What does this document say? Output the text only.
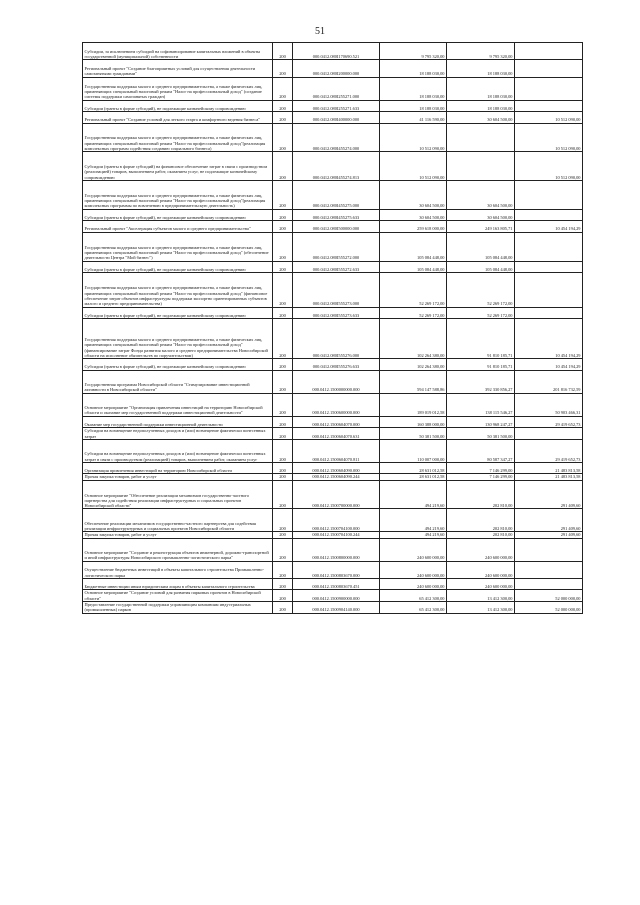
51
Субсидии, за исключением субсидий на софинансирование капитальных вложений в объекты государственной (муниципальной) собственности	200	000.0412.080I170690.521	9 795 320,00	9 795 320,00	
Региональный проект "Создание благоприятных условий для осуществления деятельности самозанятыми гражданами"	200	000.0412.080I200000.000	18 188 030,00	18 188 030,00	
Государственная поддержка малого и среднего предпринимательства, а также физических лиц, применяющих специальный налоговый режим "Налог на профессиональный доход" (создание системы поддержки самозанятых граждан)	200	000.0412.080I255271.000	18 188 030,00	18 188 030,00	
Субсидии (гранты в форме субсидий), не подлежащие казначейскому сопровождению	200	000.0412.080I255271.633	18 188 030,00	18 188 030,00	
Региональный проект "Создание условий для легкого старта и комфортного ведения бизнеса"	200	000.0412.080I400000.000	41 116 590,00	30 604 500,00	10 512 090,00
Государственная поддержка малого и среднего предпринимательства, а также физических лиц, применяющих специальный налоговый режим "Налог на профессиональный доход"(реализация комплексных программ cодействия созданию социального бизнеса)	200	000.0412.080I455274.000	10 512 090,00		10 512 090,00
Субсидии (гранты в форме субсидий) на финансовое обеспечение затрат в связи с производством (реализацией) товаров, выполнением работ, оказанием услуг, не подлежащие казначейскому сопровождению	200	000.0412.080I455274.813	10 512 090,00		10 512 090,00
Государственная поддержка малого и среднего предпринимательства, а также физических лиц, применяющих специальный налоговый режим "Налог на профессиональный доход"(реализация комплексных программы по вовлечению в предпринимательскую деятельность)	200	000.0412.080I455275.000	30 604 500,00	30 604 500,00	
Субсидии (гранты в форме субсидий), не подлежащие казначейскому сопровождению	200	000.0412.080I455275.633	30 604 500,00	30 604 500,00	
Региональный проект "Акселерация субъектов малого и среднего предпринимательства"	200	000.0412.080I500000.000	259 618 000,00	249 163 805,71	10 454 194,29
Государственная поддержка малого и среднего предпринимательства, а также физических лиц, применяющих специальный налоговый режим "Налог на профессиональный доход" (обеспечение деятельности Центра "Мой бизнес")	200	000.0412.080I555272.000	105 084 448,00	105 084 448,00	
Субсидии (гранты в форме субсидий), не подлежащие казначейскому сопровождению	200	000.0412.080I555272.633	105 084 448,00	105 084 448,00	
Государственная поддержка малого и среднего предпринимательства, а также физических лиц, применяющих специальный налоговый режим "Налог на профессиональный доход" (финансовое обеспечение затрат объектов инфраструктуры поддержки экспортно ориентированных субъектов малого и среднего предпринимательства)	200	000.0412.080I555273.000	52 269 172,00	52 269 172,00	
Субсидии (гранты в форме субсидий), не подлежащие казначейскому сопровождению	200	000.0412.080I555273.633	52 269 172,00	52 269 172,00	
Государственная поддержка малого и среднего предпринимательства, а также физических лиц, применяющих специальный налоговый режим "Налог на профессиональный доход" (финансирование затрат Фонда развития малого и среднего предпринимательства Новосибирской области на исполнение обязательств по поручительствам)	200	000.0412.080I555276.000	102 264 380,00	91 810 185,71	10 454 194,29
Субсидии (гранты в форме субсидий), не подлежащие казначейскому сопровождению	200	000.0412.080I555276.633	102 264 380,00	91 810 185,71	10 454 194,29
Государственная программа Новосибирской области "Стимулирование инвестиционной активности в Новосибирской области"	200	000.0412.1500000000.000	594 147 588,86	392 330 856,27	201 816 732,59
Основное мероприятие "Организация привлечения инвестиций на территорию Новосибирской области и оказание мер государственной поддержки инвестиционной деятельности"	200	000.0412.1500600000.000	189 019 012,58	138 115 546,27	50 903 466,31
Оказание мер государственной поддержки инвестиционной деятельности	200	000.0412.1500604070.000	160 388 000,00	130 968 247,27	29 419 652,73
Субсидии на возмещение недополученных доходов и (или) возмещение фактически понесенных затрат	200	000.0412.1500604070.631	50 381 500,00	50 381 500,00	
Субсидии на возмещение недополученных доходов и (или) возмещение фактически понесенных затрат в связи с производством (реализацией) товаров, выполнением работ, оказанием услуг	200	000.0412.1500604070.811	110 007 000,00	80 587 347,27	29 419 652,73
Организация привлечения инвестиций на территорию Новосибирской области	200	000.0412.1500604090.000	28 631 012,58	7 146 299,00	21 483 813,58
Прочая закупка товаров, работ и услуг	200	000.0412.1500604090.244	28 631 012,58	7 146 299,00	21 483 813,58
Основное мероприятие "Обеспечение реализации механизмов государственно-частного партнерства для содействия реализации инфраструктурных и социальных проектов Новосибирской области"	200	000.0412.1500700000.000	494 219,60	202 810,00	291 409,60
Обеспечение реализации механизмов государственно-частного партнерства для содействия реализации инфраструктурных и социальных проектов Новосибирской области	200	000.0412.1500704100.000	494 219,60	202 810,00	291 409,60
Прочая закупка товаров, работ и услуг	200	000.0412.1500704100.244	494 219,60	202 810,00	291 409,60
Основное мероприятие "Создание и реконструкция объектов инженерной, дорожно-транспортной и иной инфраструктуры Новосибирского промышленно-логистического парка"	200	000.0412.1500800000.000	240 600 000,00	240 600 000,00	
Осуществление бюджетных инвестиций в объекты капитального строительства Промышленно-логистического парка	200	000.0412.1500803670.000	240 600 000,00	240 600 000,00	
Бюджетные инвестиции иным юридическим лицам в объекты капитального строительства	200	000.0412.1500803670.451	240 600 000,00	240 600 000,00	
Основное мероприятие "Создание условий для развития парковых проектов в Новосибирской области"	200	000.0412.1500900000.000	65 412 300,00	13 412 300,00	52 000 000,00
Предоставление государственной поддержки управляющим компаниям индустриальных (промышленных) парков	200	000.0412.1500904140.000	65 412 300,00	13 412 300,00	52 000 000,00
